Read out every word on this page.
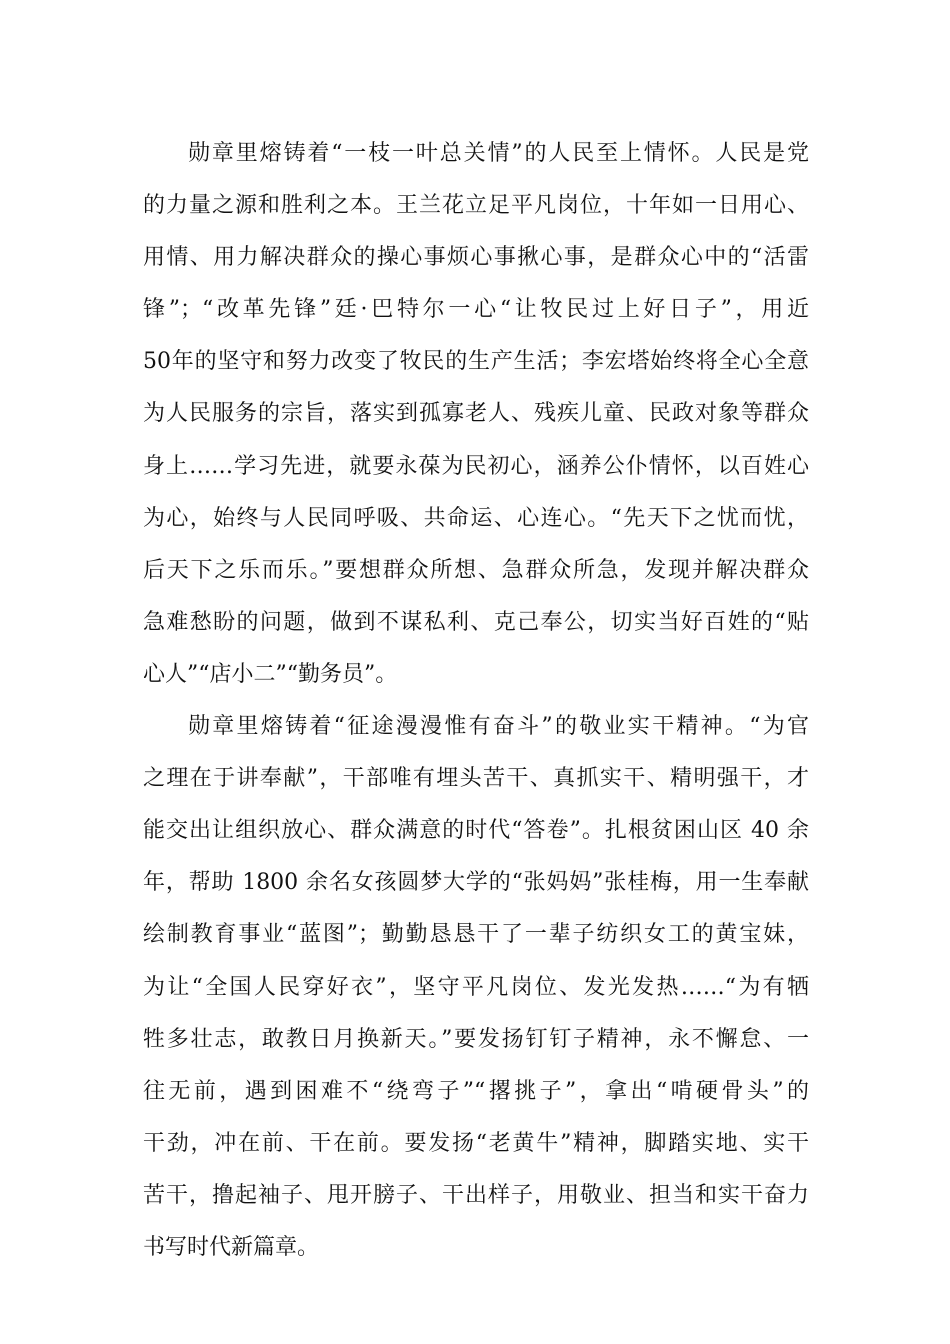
勋章里熔铸着“一枝一叶总关情”的人民至上情怀。人民是党
的力量之源和胜利之本。王兰花立足平凡岗位，十年如一日用心、
用情、用力解决群众的操心事烦心事揪心事，是群众心中的“活雷
锋”；“改革先锋”廷·巴特尔一心“让牧民过上好日子”，用近
50年的坚守和努力改变了牧民的生产生活；李宏塔始终将全心全意
为人民服务的宗旨，落实到孤寡老人、残疾儿童、民政对象等群众
身上……学习先进，就要永葆为民初心，涵养公仆情怀，以百姓心
为心，始终与人民同呼吸、共命运、心连心。“先天下之忧而忧，
后天下之乐而乐。”要想群众所想、急群众所急，发现并解决群众
急难愁盼的问题，做到不谋私利、克己奉公，切实当好百姓的“贴
心人”“店小二”“勤务员”。
勋章里熔铸着“征途漫漫惟有奋斗”的敬业实干精神。“为官
之理在于讲奉献”，干部唯有埋头苦干、真抓实干、精明强干，才
能交出让组织放心、群众满意的时代“答卷”。扎根贫困山区 40 余
年，帮助 1800 余名女孩圆梦大学的“张妈妈”张桂梅，用一生奉献
绘制教育事业“蓝图”；勤勤恳恳干了一辈子纺织女工的黄宝妹，
为让“全国人民穿好衣”，坚守平凡岗位、发光发热……“为有牺
牲多壮志，敢教日月换新天。”要发扬钉钉子精神，永不懈怠、一
往无前，遇到困难不“绕弯子”“撂挑子”，拿出“啃硬骨头”的
干劲，冲在前、干在前。要发扬“老黄牛”精神，脚踏实地、实干
苦干，撸起袖子、甩开膀子、干出样子，用敬业、担当和实干奋力
书写时代新篇章。
